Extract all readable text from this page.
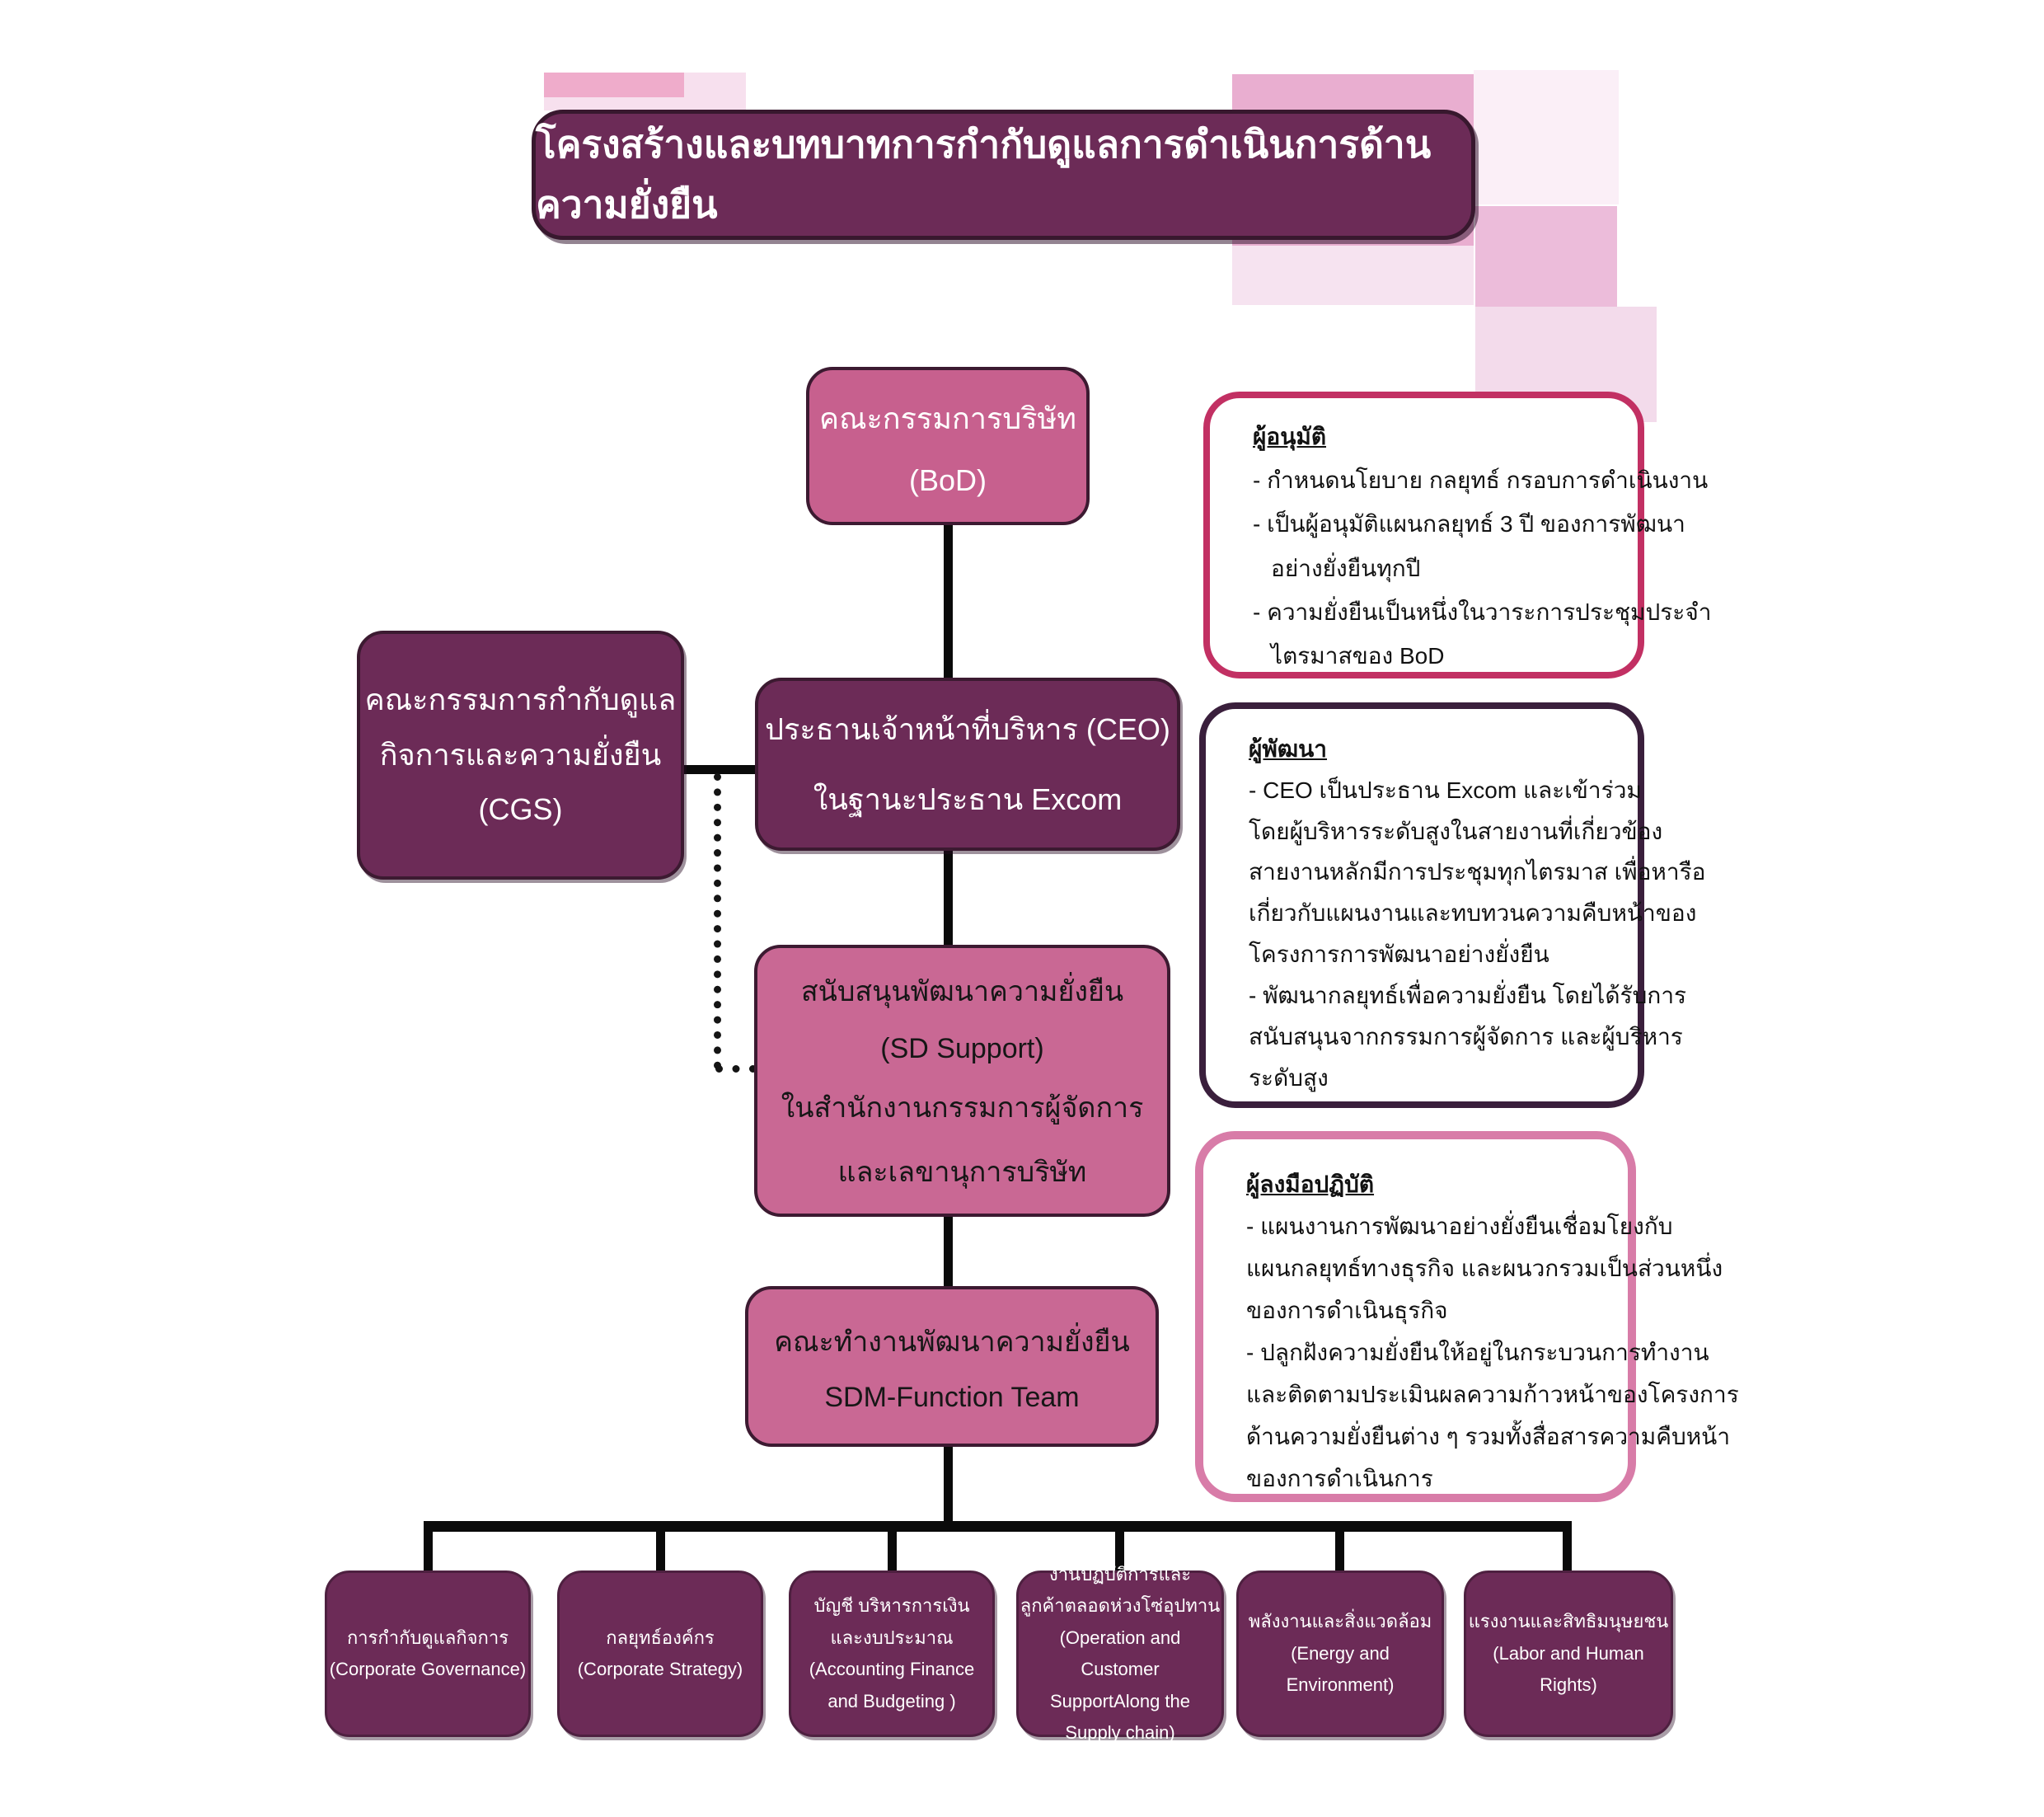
โครงสร้างและบทบาทการกำกับดูแลการดำเนินการด้านความยั่งยืน
คณะกรรมการบริษัท
(BoD)
คณะกรรมการกำกับดูแล
กิจการและความยั่งยืน
(CGS)
ประธานเจ้าหน้าที่บริหาร (CEO)
ในฐานะประธาน Excom
สนับสนุนพัฒนาความยั่งยืน
(SD Support)
ในสำนักงานกรรมการผู้จัดการ
และเลขานุการบริษัท
คณะทำงานพัฒนาความยั่งยืน
SDM-Function Team
ผู้อนุมัติ
- กำหนดนโยบาย กลยุทธ์ กรอบการดำเนินงาน
- เป็นผู้อนุมัติแผนกลยุทธ์ 3 ปี ของการพัฒนา
อย่างยั่งยืนทุกปี
- ความยั่งยืนเป็นหนึ่งในวาระการประชุมประจำ
ไตรมาสของ BoD
ผู้พัฒนา
- CEO เป็นประธาน Excom และเข้าร่วม
โดยผู้บริหารระดับสูงในสายงานที่เกี่ยวข้อง
สายงานหลักมีการประชุมทุกไตรมาส เพื่อหารือ
เกี่ยวกับแผนงานและทบทวนความคืบหน้าของ
โครงการการพัฒนาอย่างยั่งยืน
- พัฒนากลยุทธ์เพื่อความยั่งยืน โดยได้รับการ
สนับสนุนจากกรรมการผู้จัดการ และผู้บริหาร
ระดับสูง
ผู้ลงมือปฏิบัติ
- แผนงานการพัฒนาอย่างยั่งยืนเชื่อมโยงกับ
แผนกลยุทธ์ทางธุรกิจ และผนวกรวมเป็นส่วนหนึ่ง
ของการดำเนินธุรกิจ
- ปลูกฝังความยั่งยืนให้อยู่ในกระบวนการทำงาน
และติดตามประเมินผลความก้าวหน้าของโครงการ
ด้านความยั่งยืนต่าง ๆ รวมทั้งสื่อสารความคืบหน้า
ของการดำเนินการ
การกำกับดูแลกิจการ
(Corporate Governance)
กลยุทธ์องค์กร
(Corporate Strategy)
บัญชี บริหารการเงิน
และงบประมาณ
(Accounting Finance
and Budgeting )
งานปฏิบัติการและ
ลูกค้าตลอดห่วงโซ่อุปทาน
(Operation and Customer
SupportAlong the
Supply chain)
พลังงานและสิ่งแวดล้อม
(Energy and Environment)
แรงงานและสิทธิมนุษยชน
(Labor and Human Rights)
